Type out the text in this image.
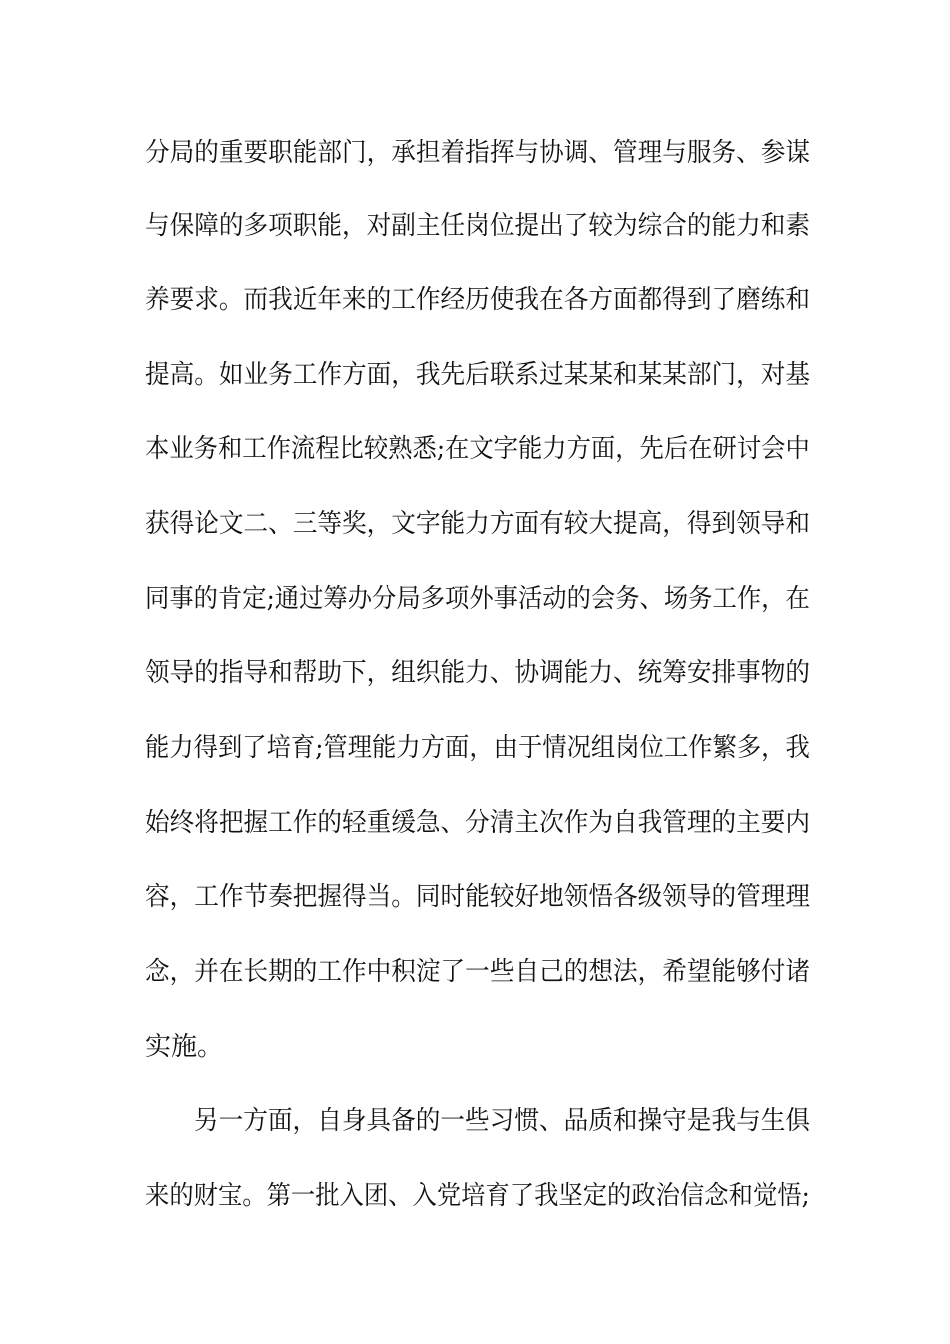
分局的重要职能部门，承担着指挥与协调、管理与服务、参谋
与保障的多项职能，对副主任岗位提出了较为综合的能力和素
养要求。而我近年来的工作经历使我在各方面都得到了磨练和
提高。如业务工作方面，我先后联系过某某和某某部门，对基
本业务和工作流程比较熟悉;在文字能力方面，先后在研讨会中
获得论文二、三等奖，文字能力方面有较大提高，得到领导和
同事的肯定;通过筹办分局多项外事活动的会务、场务工作，在
领导的指导和帮助下，组织能力、协调能力、统筹安排事物的
能力得到了培育;管理能力方面，由于情况组岗位工作繁多，我
始终将把握工作的轻重缓急、分清主次作为自我管理的主要内
容，工作节奏把握得当。同时能较好地领悟各级领导的管理理
念，并在长期的工作中积淀了一些自己的想法，希望能够付诸
实施。
另一方面，自身具备的一些习惯、品质和操守是我与生俱
来的财宝。第一批入团、入党培育了我坚定的政治信念和觉悟;
